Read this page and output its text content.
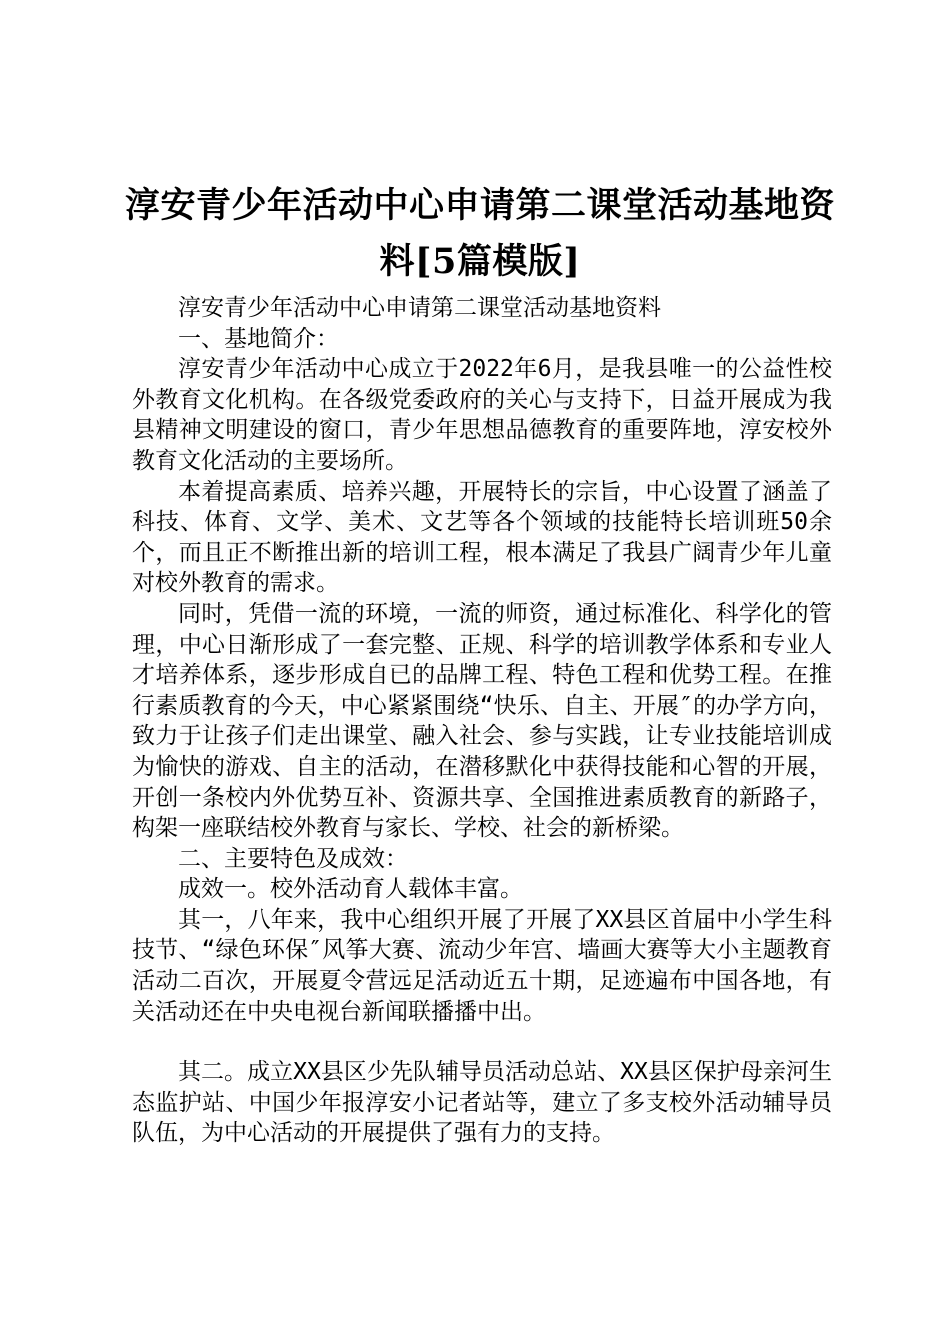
淳安青少年活动中心申请第二课堂活动基地资
料[5篇模版]

淳安青少年活动中心申请第二课堂活动基地资料

一、基地简介：

淳安青少年活动中心成立于2022年6月，是我县唯一的公益性校外教育文化机构。在各级党委政府的关心与支持下，日益开展成为我县精神文明建设的窗口，青少年思想品德教育的重要阵地，淳安校外教育文化活动的主要场所。

本着提高素质、培养兴趣，开展特长的宗旨，中心设置了涵盖了科技、体育、文学、美术、文艺等各个领域的技能特长培训班50余个，而且正不断推出新的培训工程，根本满足了我县广阔青少年儿童对校外教育的需求。

同时，凭借一流的环境，一流的师资，通过标准化、科学化的管理，中心日渐形成了一套完整、正规、科学的培训教学体系和专业人才培养体系，逐步形成自已的品牌工程、特色工程和优势工程。在推行素质教育的今天，中心紧紧围绕“快乐、自主、开展″的办学方向，致力于让孩子们走出课堂、融入社会、参与实践，让专业技能培训成为愉快的游戏、自主的活动，在潜移默化中获得技能和心智的开展，开创一条校内外优势互补、资源共享、全国推进素质教育的新路子，构架一座联结校外教育与家长、学校、社会的新桥梁。

二、主要特色及成效：

成效一。校外活动育人载体丰富。

其一，八年来，我中心组织开展了开展了XX县区首届中小学生科技节、“绿色环保″风筝大赛、流动少年宫、墙画大赛等大小主题教育活动二百次，开展夏令营远足活动近五十期，足迹遍布中国各地，有关活动还在中央电视台新闻联播播中出。

其二。成立XX县区少先队辅导员活动总站、XX县区保护母亲河生态监护站、中国少年报淳安小记者站等，建立了多支校外活动辅导员队伍，为中心活动的开展提供了强有力的支持。
